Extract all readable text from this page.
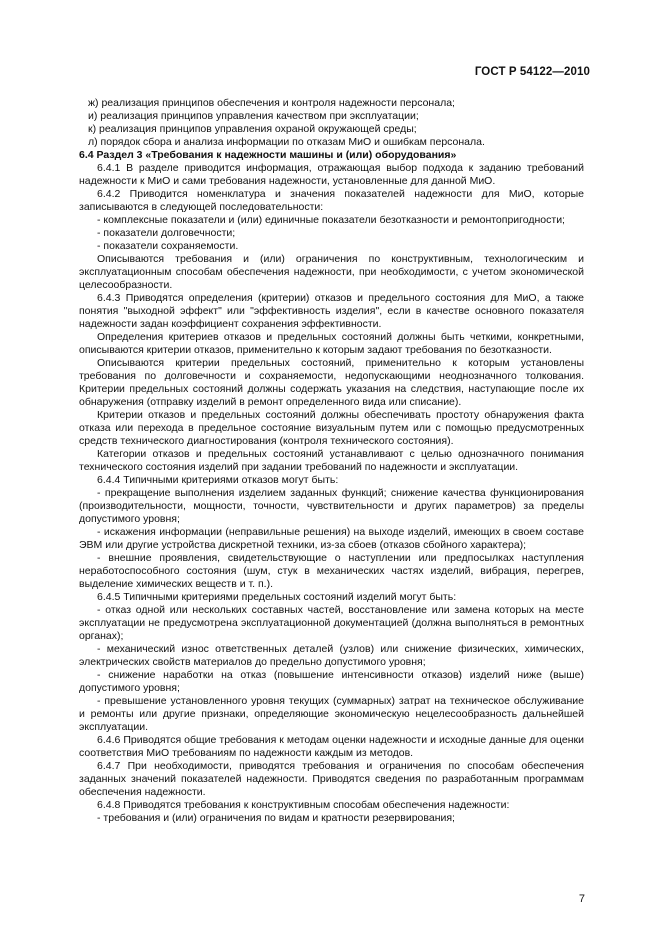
ГОСТ Р 54122—2010

ж) реализация принципов обеспечения и контроля надежности персонала;

и) реализация принципов управления качеством при эксплуатации;

к) реализация принципов управления охраной окружающей среды;

л) порядок сбора и анализа информации по отказам МиО и ошибкам персонала.

6.4 Раздел 3 «Требования к надежности машины и (или) оборудования»

6.4.1 В разделе приводится информация, отражающая выбор подхода к заданию требований надежности к МиО и сами требования надежности, установленные для данной МиО.

6.4.2 Приводится номенклатура и значения показателей надежности для МиО, которые записываются в следующей последовательности:

- комплексные показатели и (или) единичные показатели безотказности и ремонтопригодности;

- показатели долговечности;

- показатели сохраняемости.

Описываются требования и (или) ограничения по конструктивным, технологическим и эксплуатационным способам обеспечения надежности, при необходимости, с учетом экономической целесообразности.

6.4.3 Приводятся определения (критерии) отказов и предельного состояния для МиО, а также понятия "выходной эффект" или "эффективность изделия", если в качестве основного показателя надежности задан коэффициент сохранения эффективности.

Определения критериев отказов и предельных состояний должны быть четкими, конкретными, описываются критерии отказов, применительно к которым задают требования по безотказности.

Описываются критерии предельных состояний, применительно к которым установлены требования по долговечности и сохраняемости, недопускающими неоднозначного толкования. Критерии предельных состояний должны содержать указания на следствия, наступающие после их обнаружения (отправку изделий в ремонт определенного вида или списание).

Критерии отказов и предельных состояний должны обеспечивать простоту обнаружения факта отказа или перехода в предельное состояние визуальным путем или с помощью предусмотренных средств технического диагностирования (контроля технического состояния).

Категории отказов и предельных состояний устанавливают с целью однозначного понимания технического состояния изделий при задании требований по надежности и эксплуатации.

6.4.4 Типичными критериями отказов могут быть:

- прекращение выполнения изделием заданных функций; снижение качества функционирования (производительности, мощности, точности, чувствительности и других параметров) за пределы допустимого уровня;

- искажения информации (неправильные решения) на выходе изделий, имеющих в своем составе ЭВМ или другие устройства дискретной техники, из-за сбоев (отказов сбойного характера);

- внешние проявления, свидетельствующие о наступлении или предпосылках наступления неработоспособного состояния (шум, стук в механических частях изделий, вибрация, перегрев, выделение химических веществ и т. п.).

6.4.5 Типичными критериями предельных состояний изделий могут быть:

- отказ одной или нескольких составных частей, восстановление или замена которых на месте эксплуатации не предусмотрена эксплуатационной документацией (должна выполняться в ремонтных органах);

- механический износ ответственных деталей (узлов) или снижение физических, химических, электрических свойств материалов до предельно допустимого уровня;

- снижение наработки на отказ (повышение интенсивности отказов) изделий ниже (выше) допустимого уровня;

- превышение установленного уровня текущих (суммарных) затрат на техническое обслуживание и ремонты или другие признаки, определяющие экономическую нецелесообразность дальнейшей эксплуатации.

6.4.6 Приводятся общие требования к методам оценки надежности и исходные данные для оценки соответствия МиО требованиям по надежности каждым из методов.

6.4.7 При необходимости, приводятся требования и ограничения по способам обеспечения заданных значений показателей надежности. Приводятся сведения по разработанным программам обеспечения надежности.

6.4.8 Приводятся требования к конструктивным способам обеспечения надежности:

- требования и (или) ограничения по видам и кратности резервирования;

7
